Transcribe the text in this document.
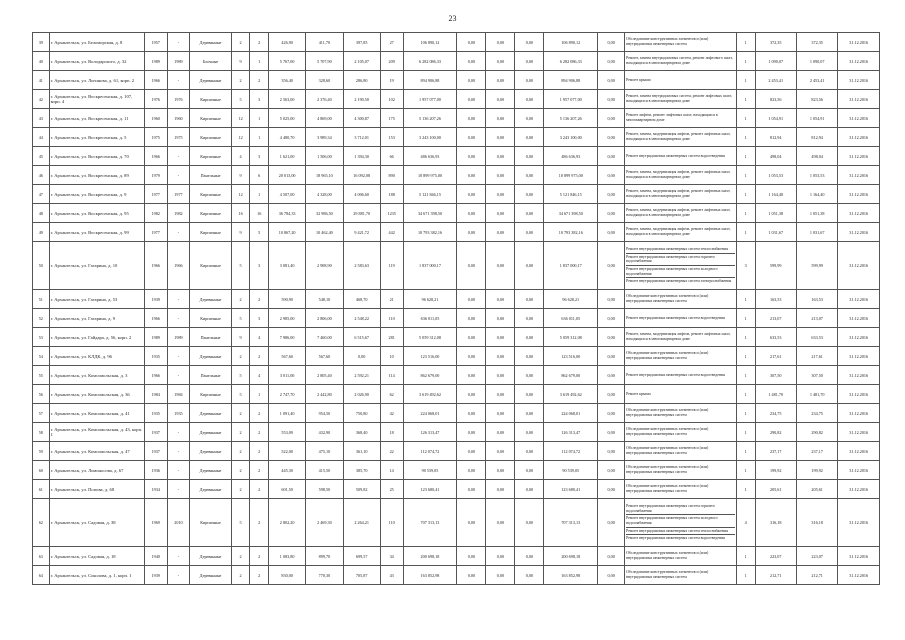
23
39	г. Архангельск, ул. Беломорская, д. 8	1957	-	Деревянные	2	2	426,90	411,70	397,85	27	106 890,12	0,00	0,00	0,00	106 890,12	0,00	Обследование конструктивных элементов и (или) внутридомовых инженерных систем	1	372,35	372,35	31.12.2016
40	г. Архангельск, ул. Володарского, д. 32	1989	1989	Блочные	9	1	5 767,00	5 707,90	2 105,07	209	6 282 086,33	0,00	0,00	0,00	6 282 086,33	0,00	Ремонт, замена внутридомовых систем, ремонт лифтового шахт, находящихся в многоквартирном доме	1	1 090,07	1 090,07	31.12.2016
41	г. Архангельск, ул. Логинова, д. 61, корп. 2	1966	-	Деревянные	2	2	356,40	328,60	286,80	19	894 906,88	0,00	0,00	0,00	894 906,88	0,00	Ремонт крыши	1	2 453,41	2 453,41	31.12.2016
42	г. Архангельск, ул. Воскресенская, д. 107, корп. 4	1976	1976	Кирпичные	5	3	2 563,00	2 376,40	2 190,50	102	1 957 077,00	0,00	0,00	0,00	1 957 077,00	0,00	Ремонт, замена внутридомовых систем, ремонт лифтовых шахт, находящихся в многоквартирном доме	1	823,56	823,56	31.12.2016
43	г. Архангельск, ул. Воскресенская, д. 11	1960	1960	Кирпичные	12	1	5 025,00	4 869,00	4 300,87	175	5 136 207,26	0,00	0,00	0,00	5 136 207,26	0,00	Ремонт лифтов, ремонт лифтовых шахт, находящихся в многоквартирном доме	1	1 054,91	1 054,91	31.12.2016
44	г. Архангельск, ул. Воскресенская, д. 5	1975	1975	Кирпичные	12	1	4 480,70	3 989,34	3 712,01	153	3 243 100,00	0,00	0,00	0,00	3 243 100,00	0,00	Ремонт, замена, модернизация лифтов, ремонт лифтовых шахт, находящихся в многоквартирном доме	1	812,94	812,94	31.12.2016
45	г. Архангельск, ул. Воскресенская, д. 70	1966	-	Кирпичные	4	3	1 621,00	1 506,00	1 394,30	66	486 636,93	0,00	0,00	0,00	486 636,93	0,00	Ремонт внутридомовых инженерных систем водоотведения	1	498,04	498,04	31.12.2016
46	г. Архангельск, ул. Воскресенская, д. 89	1979	-	Панельные	9	6	20 013,00	18 965,10	16 092,08	890	10 899 975,00	0,00	0,00	0,00	10 899 975,00	0,00	Ремонт, замена, модернизация лифтов, ремонт лифтовых шахт, находящихся в многоквартирном доме	1	1 053,53	1 053,53	31.12.2016
47	г. Архангельск, ул. Воскресенская, д. 9	1977	1977	Кирпичные	12	1	4 507,00	4 328,00	4 006,60	188	5 121 846,15	0,00	0,00	0,00	5 121 846,15	0,00	Ремонт, замена, модернизация лифтов, ремонт лифтовых шахт, находящихся в многоквартирном доме	1	1 164,40	1 164,40	31.12.2016
48	г. Архангельск, ул. Воскресенская, д. 95	1982	1982	Кирпичные	16	16	36 784,33	32 986,50	29 881,70	1235	34 671 398,50	0,00	0,00	0,00	34 671 398,50	0,00	Ремонт, замена, модернизация лифтов, ремонт лифтовых шахт, находящихся в многоквартирном доме	1	1 051,38	1 051,38	31.12.2016
49	г. Архангельск, ул. Воскресенская, д. 99	1977	-	Кирпичные	9	5	10 867,20	10 462,40	9 421,72	442	10 793 382,16	0,00	0,00	0,00	10 793 382,16	0,00	Ремонт, замена, модернизация лифтов, ремонт лифтовых шахт, находящихся в многоквартирном доме	1	1 031,67	1 031,67	31.12.2016
50	г. Архангельск, ул. Гагарина, д. 10	1966	1966	Кирпичные	5	3	3 081,40	2 908,90	2 583,63	119	1 837 000,17	0,00	0,00	0,00	1 837 000,17	0,00	Ремонт внутридомовых инженерных систем теплоснабжения
Ремонт внутридомовых инженерных систем горячего водоснабжения
Ремонт внутридомовых инженерных систем холодного водоснабжения
Ремонт внутридомовых инженерных систем электроснабжения	3	599,99	599,99	31.12.2016
51	г. Архангельск, ул. Гагарина, д. 53	1939	-	Деревянные	2	2	590,90	548,10	468,70	21	96 628,21	0,00	0,00	0,00	96 628,21	0,00	Обследование конструктивных элементов и (или) внутридомовых инженерных систем	1	163,53	163,53	31.12.2016
52	г. Архангельск, ул. Гагарина, д. 9	1966	-	Кирпичные	5	3	2 985,00	2 806,00	2 548,22	110	636 011,05	0,00	0,00	0,00	636 011,05	0,00	Ремонт внутридомовых инженерных систем водоотведения	1	213,07	213,07	31.12.2016
53	г. Архангельск, ул. Гайдара, д. 56, корп. 2	1989	1989	Панельные	9	4	7 986,00	7 460,00	6 515,67	281	5 059 312,08	0,00	0,00	0,00	5 059 312,08	0,00	Ремонт, замена, модернизация лифтов, ремонт лифтовых шахт, находящихся в многоквартирном доме	1	633,53	633,53	31.12.2016
54	г. Архангельск, ул. КЛДК, д. 96	1935	-	Деревянные	2	2	567,60	567,60	0,00	10	123 516,00	0,00	0,00	0,00	123 516,00	0,00	Обследование конструктивных элементов и (или) внутридомовых инженерных систем	1	217,61	217,61	31.12.2016
55	г. Архангельск, ул. Комсомольская, д. 3	1966	-	Панельные	5	4	3 011,00	2 805,40	2 592,21	114	862 679,00	0,00	0,00	0,00	862 679,00	0,00	Ремонт внутридомовых инженерных систем водоотведения	1	307,50	307,50	31.12.2016
56	г. Архангельск, ул. Комсомольская, д. 36	1984	1984	Кирпичные	5	1	2 747,70	2 442,80	2 026,90	62	3 619 492,62	0,00	0,00	0,00	3 619 492,62	0,00	Ремонт крыши	1	1 481,70	1 481,70	31.12.2016
57	г. Архангельск, ул. Комсомольская, д. 41	1935	1935	Деревянные	2	2	1 091,40	954,50	750,80	42	224 068,01	0,00	0,00	0,00	224 068,01	0,00	Обследование конструктивных элементов и (или) внутридомовых инженерных систем	1	234,75	234,75	31.12.2016
58	г. Архангельск, ул. Комсомольская, д. 43, корп. 1	1937	-	Деревянные	2	2	553,09	432,90	368,40	18	126 313,47	0,00	0,00	0,00	126 313,47	0,00	Обследование конструктивных элементов и (или) внутридомовых инженерных систем	1	290,82	290,82	31.12.2016
59	г. Архангельск, ул. Комсомольская, д. 47	1937	-	Деревянные	2	2	522,00	475,10	361,10	22	112 074,72	0,00	0,00	0,00	112 074,72	0,00	Обследование конструктивных элементов и (или) внутридомовых инженерных систем	1	237,17	237,17	31.12.2016
60	г. Архангельск, ул. Ломоносова, д. 67	1936	-	Деревянные	2	2	445,30	415,50	385,70	14	90 539,05	0,00	0,00	0,00	90 539,05	0,00	Обследование конструктивных элементов и (или) внутридомовых инженерных систем	1	199,92	199,92	31.12.2016
61	г. Архангельск, ул. Попова, д. 68	1934	-	Деревянные	2	2	601,50	598,50	509,82	25	123 680,41	0,00	0,00	0,00	123 680,41	0,00	Обследование конструктивных элементов и (или) внутридомовых инженерных систем	1	205,61	205,61	31.12.2016
62	г. Архангельск, ул. Садовая, д. 38	1969	2010	Кирпичные	5	2	2 802,20	2 469,30	2 264,21	110	707 313,13	0,00	0,00	0,00	707 313,13	0,00	Ремонт внутридомовых инженерных систем горячего водоснабжения
Ремонт внутридомовых инженерных систем холодного водоснабжения
Ремонт внутридомовых инженерных систем теплоснабжения
Ремонт внутридомовых инженерных систем водоотведения	4	316,18	316,18	31.12.2016
63	г. Архангельск, ул. Садовая, д. 18	1940	-	Деревянные	2	2	1 083,80	899,70	699,57	34	200 698,18	0,00	0,00	0,00	200 698,18	0,00	Обследование конструктивных элементов и (или) внутридомовых инженерных систем	1	223,07	223,07	31.12.2016
64	г. Архангельск, ул. Соколова, д. 1, корп. 1	1939	-	Деревянные	2	2	830,00	770,30	705,87	43	163 852,98	0,00	0,00	0,00	163 852,98	0,00	Обследование конструктивных элементов и (или) внутридомовых инженерных систем	1	212,71	212,71	31.12.2016
